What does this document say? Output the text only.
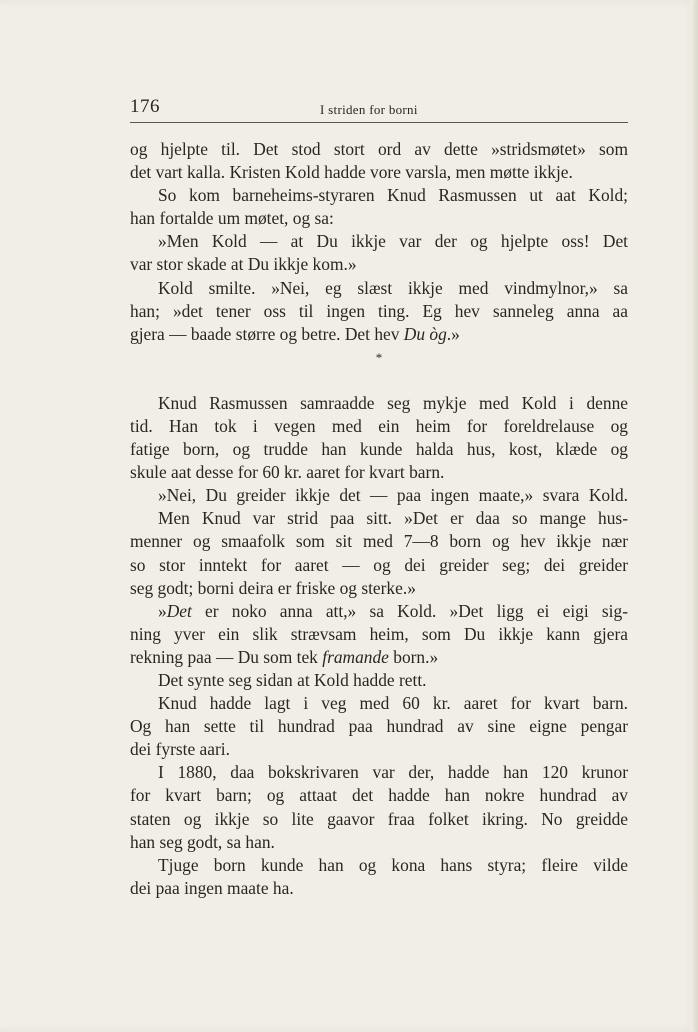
176	I striden for borni
og hjelpte til. Det stod stort ord av dette »stridsmøtet» som
det vart kalla. Kristen Kold hadde vore varsla, men møtte ikkje.
So kom barneheims-styraren Knud Rasmussen ut aat Kold;
han fortalde um møtet, og sa:
»Men Kold — at Du ikkje var der og hjelpte oss! Det
var stor skade at Du ikkje kom.»
Kold smilte. »Nei, eg slæst ikkje med vindmylnor,» sa
han; »det tener oss til ingen ting. Eg hev sanneleg anna aa
gjera — baade større og betre. Det hev Du òg.»
*
Knud Rasmussen samraadde seg mykje med Kold i denne
tid. Han tok i vegen med ein heim for foreldrelause og
fatige born, og trudde han kunde halda hus, kost, klæde og
skule aat desse for 60 kr. aaret for kvart barn.
»Nei, Du greider ikkje det — paa ingen maate,» svara Kold.
Men Knud var strid paa sitt. »Det er daa so mange hus-
menner og smaafolk som sit med 7—8 born og hev ikkje nær
so stor inntekt for aaret — og dei greider seg; dei greider
seg godt; borni deira er friske og sterke.»
»Det er noko anna att,» sa Kold. »Det ligg ei eigi sig-
ning yver ein slik strævsam heim, som Du ikkje kann gjera
rekning paa — Du som tek framande born.»
Det synte seg sidan at Kold hadde rett.
Knud hadde lagt i veg med 60 kr. aaret for kvart barn.
Og han sette til hundrad paa hundrad av sine eigne pengar
dei fyrste aari.
I 1880, daa bokskrivaren var der, hadde han 120 krunor
for kvart barn; og attaat det hadde han nokre hundrad av
staten og ikkje so lite gaavor fraa folket ikring. No greidde
han seg godt, sa han.
Tjuge born kunde han og kona hans styra; fleire vilde
dei paa ingen maate ha.
